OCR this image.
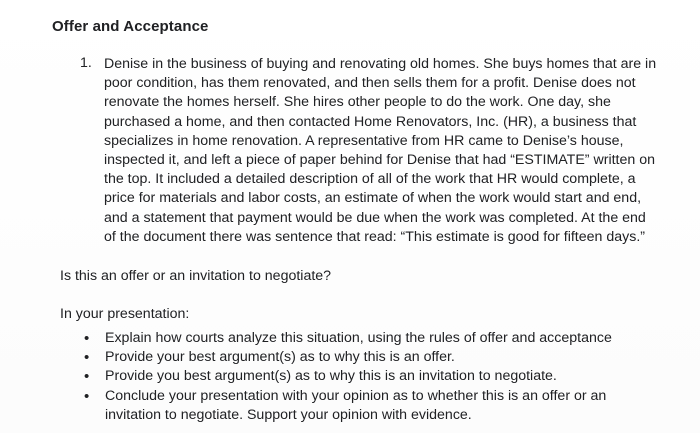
Offer and Acceptance
1. Denise in the business of buying and renovating old homes. She buys homes that are in
poor condition, has them renovated, and then sells them for a profit. Denise does not
renovate the homes herself. She hires other people to do the work. One day, she
purchased a home, and then contacted Home Renovators, Inc. (HR), a business that
specializes in home renovation. A representative from HR came to Denise’s house,
inspected it, and left a piece of paper behind for Denise that had “ESTIMATE” written on
the top. It included a detailed description of all of the work that HR would complete, a
price for materials and labor costs, an estimate of when the work would start and end,
and a statement that payment would be due when the work was completed. At the end
of the document there was sentence that read: “This estimate is good for fifteen days.”
Is this an offer or an invitation to negotiate?
In your presentation:
• Explain how courts analyze this situation, using the rules of offer and acceptance
• Provide your best argument(s) as to why this is an offer.
• Provide you best argument(s) as to why this is an invitation to negotiate.
• Conclude your presentation with your opinion as to whether this is an offer or an
invitation to negotiate. Support your opinion with evidence.
